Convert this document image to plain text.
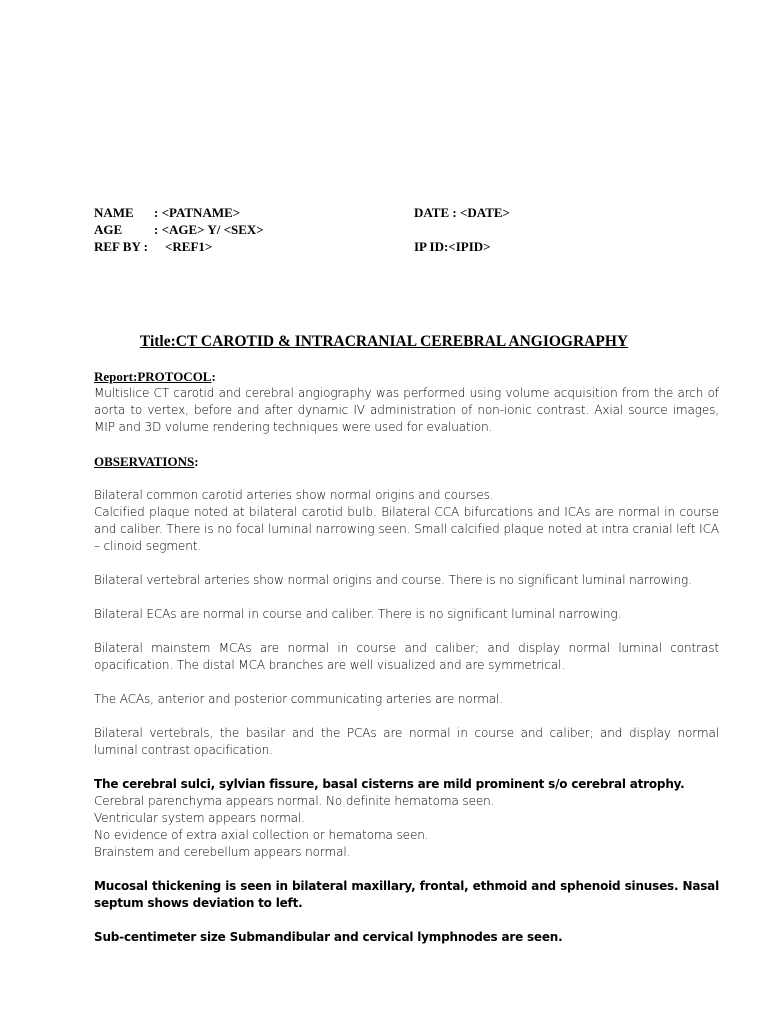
NAME : <PATNAME>	DATE : <DATE>
AGE : <AGE> Y/ <SEX>
REF BY : <REF1>	IP ID:<IPID>
Title:CT CAROTID & INTRACRANIAL CEREBRAL ANGIOGRAPHY

Report:PROTOCOL:

Multislice CT carotid and cerebral angiography was performed using volume acquisition from the arch of aorta to vertex, before and after dynamic IV administration of non-ionic contrast. Axial source images, MIP and 3D volume rendering techniques were used for evaluation.

OBSERVATIONS:

Bilateral common carotid arteries show normal origins and courses.

Calcified plaque noted at bilateral carotid bulb. Bilateral CCA bifurcations and ICAs are normal in course and caliber. There is no focal luminal narrowing seen. Small calcified plaque noted at intra cranial left ICA – clinoid segment.

Bilateral vertebral arteries show normal origins and course. There is no significant luminal narrowing.

Bilateral ECAs are normal in course and caliber. There is no significant luminal narrowing.

Bilateral mainstem MCAs are normal in course and caliber; and display normal luminal contrast opacification. The distal MCA branches are well visualized and are symmetrical.

The ACAs, anterior and posterior communicating arteries are normal.

Bilateral vertebrals, the basilar and the PCAs are normal in course and caliber; and display normal luminal contrast opacification.

The cerebral sulci, sylvian fissure, basal cisterns are mild prominent s/o cerebral atrophy.

Cerebral parenchyma appears normal. No definite hematoma seen.

Ventricular system appears normal.

No evidence of extra axial collection or hematoma seen.

Brainstem and cerebellum appears normal.

Mucosal thickening is seen in bilateral maxillary, frontal, ethmoid and sphenoid sinuses. Nasal septum shows deviation to left.

Sub-centimeter size Submandibular and cervical lymphnodes are seen.
